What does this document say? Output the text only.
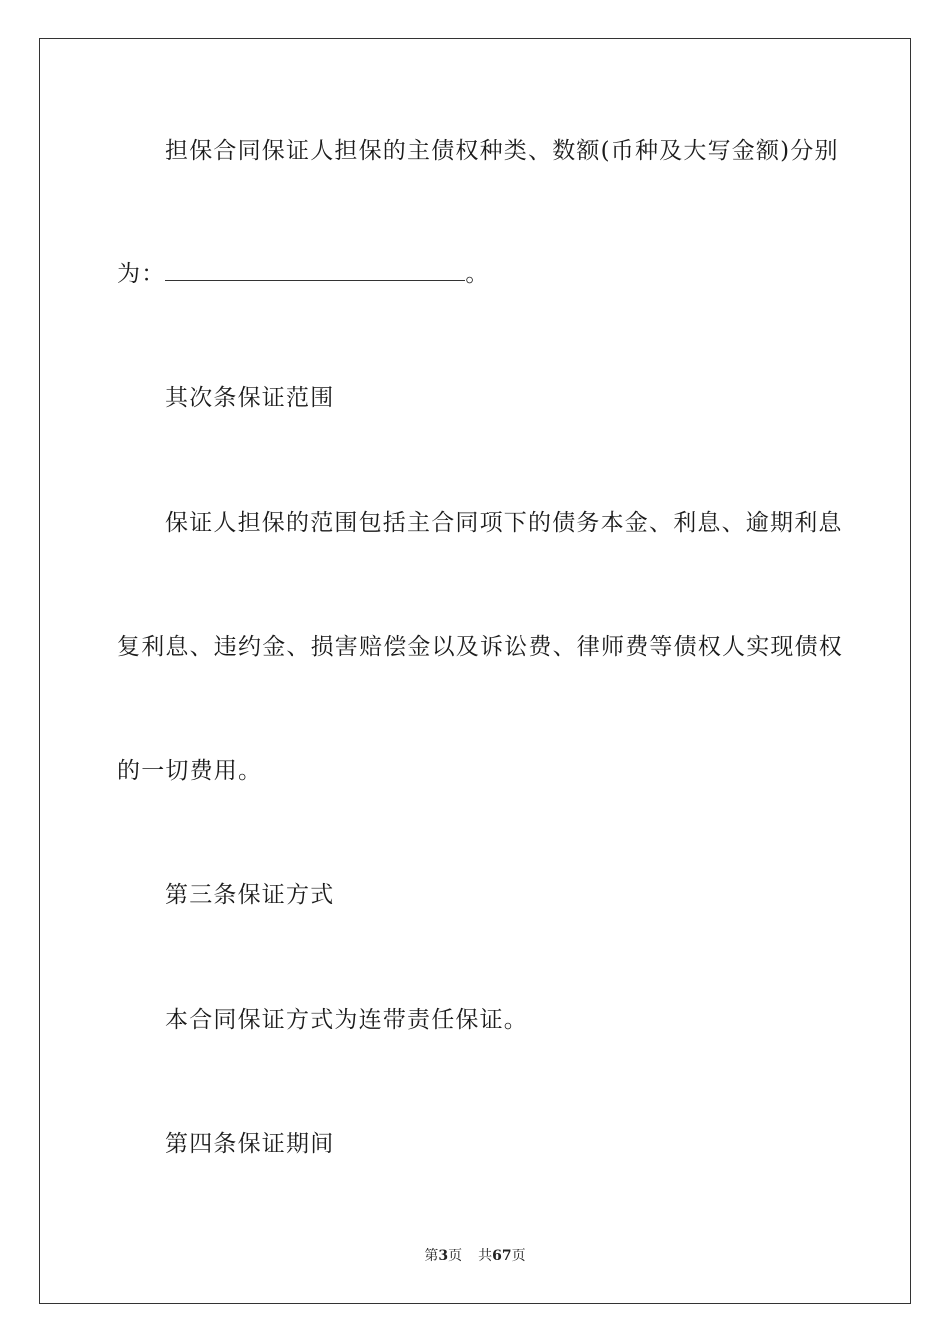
担保合同保证人担保的主债权种类、数额(币种及大写金额)分别
为：	。
其次条保证范围
保证人担保的范围包括主合同项下的债务本金、利息、逾期利息
复利息、违约金、损害赔偿金以及诉讼费、律师费等债权人实现债权
的一切费用。
第三条保证方式
本合同保证方式为连带责任保证。
第四条保证期间
第3页 共67页
